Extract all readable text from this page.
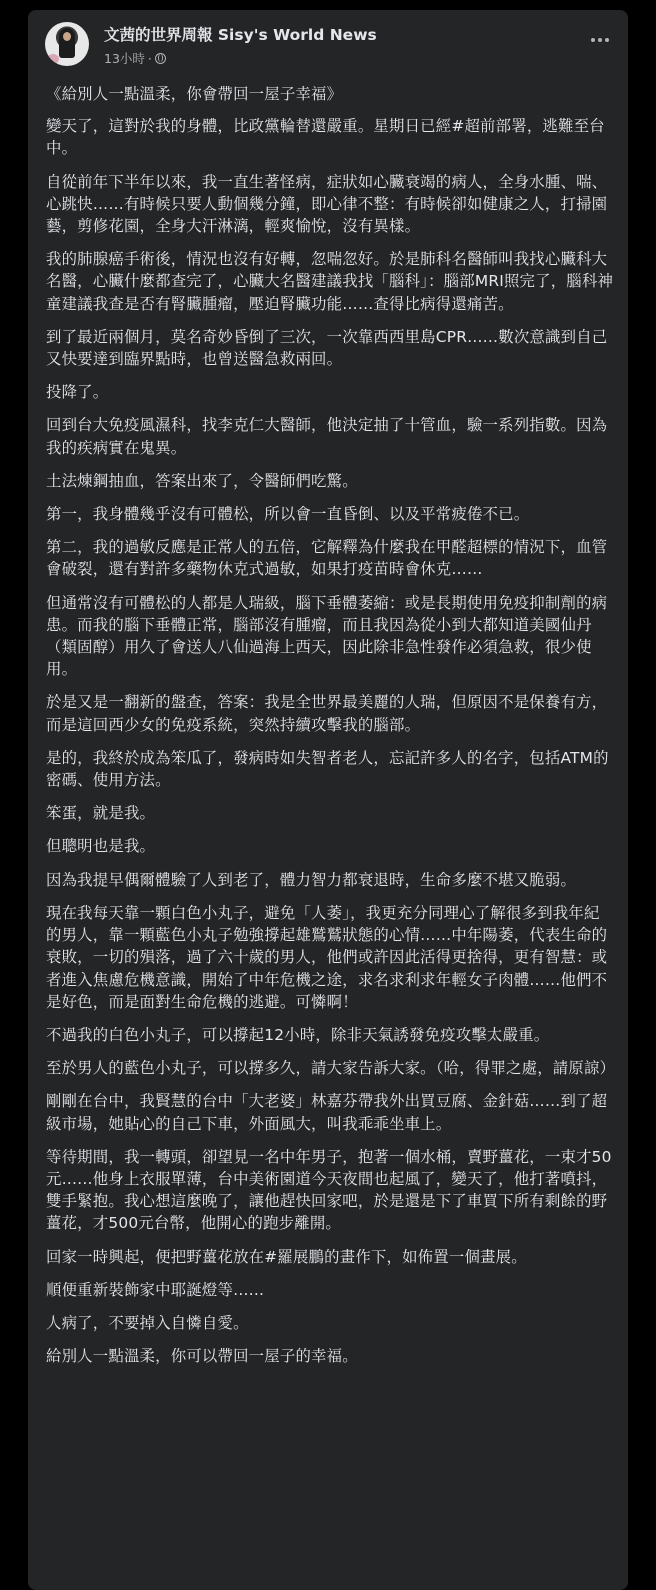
文茜的世界周報 Sisy's World News
13小時 ·

《給別人一點溫柔，你會帶回一屋子幸福》

變天了，這對於我的身體，比政黨輪替還嚴重。星期日已經#超前部署，逃難至台中。

自從前年下半年以來，我一直生著怪病，症狀如心臟衰竭的病人，全身水腫、喘、心跳快……有時候只要人動個幾分鐘，即心律不整：有時候卻如健康之人，打掃園藝，剪修花園，全身大汗淋漓，輕爽愉悅，沒有異樣。

我的肺腺癌手術後，情況也沒有好轉，忽喘忽好。於是肺科名醫師叫我找心臟科大名醫，心臟什麼都查完了，心臟大名醫建議我找「腦科」：腦部MRI照完了，腦科神童建議我查是否有腎臟腫瘤，壓迫腎臟功能……查得比病得還痛苦。

到了最近兩個月，莫名奇妙昏倒了三次，一次靠西西里島CPR……數次意識到自己又快要達到臨界點時，也曾送醫急救兩回。

投降了。

回到台大免疫風濕科，找李克仁大醫師，他決定抽了十管血，驗一系列指數。因為我的疾病實在鬼異。

土法煉鋼抽血，答案出來了，令醫師們吃驚。

第一，我身體幾乎沒有可體松，所以會一直昏倒、以及平常疲倦不已。

第二，我的過敏反應是正常人的五倍，它解釋為什麼我在甲醛超標的情況下，血管會破裂，還有對許多藥物休克式過敏，如果打疫苗時會休克……

但通常沒有可體松的人都是人瑞級，腦下垂體萎縮：或是長期使用免疫抑制劑的病患。而我的腦下垂體正常，腦部沒有腫瘤，而且我因為從小到大都知道美國仙丹（類固醇）用久了會送人八仙過海上西天，因此除非急性發作必須急救，很少使用。

於是又是一翻新的盤查，答案：我是全世界最美麗的人瑞，但原因不是保養有方，而是這回西少女的免疫系統，突然持續攻擊我的腦部。

是的，我終於成為笨瓜了，發病時如失智者老人，忘記許多人的名字，包括ATM的密碼、使用方法。

笨蛋，就是我。

但聰明也是我。

因為我提早偶爾體驗了人到老了，體力智力都衰退時，生命多麼不堪又脆弱。

現在我每天靠一顆白色小丸子，避免「人萎」，我更充分同理心了解很多到我年紀的男人，靠一顆藍色小丸子勉強撐起雄鷲鷲狀態的心情……中年陽萎，代表生命的衰敗，一切的殞落，過了六十歲的男人，他們或許因此活得更捨得，更有智慧：或者進入焦慮危機意識，開始了中年危機之途，求名求利求年輕女子肉體……他們不是好色，而是面對生命危機的逃避。可憐啊！

不過我的白色小丸子，可以撐起12小時，除非天氣誘發免疫攻擊太嚴重。

至於男人的藍色小丸子，可以撐多久，請大家告訴大家。（哈，得罪之處，請原諒）

剛剛在台中，我賢慧的台中「大老婆」林嘉芬帶我外出買豆腐、金針菇……到了超級市場，她貼心的自己下車，外面風大，叫我乖乖坐車上。

等待期間，我一轉頭，卻望見一名中年男子，抱著一個水桶，賣野薑花，一束才50元……他身上衣服單薄，台中美術園道今天夜間也起風了，變天了，他打著噴抖，雙手緊抱。我心想這麼晚了，讓他趕快回家吧，於是還是下了車買下所有剩餘的野薑花，才500元台幣，他開心的跑步離開。

回家一時興起，便把野薑花放在#羅展鵬的畫作下，如佈置一個畫展。

順便重新裝飾家中耶誕燈等……

人病了，不要掉入自憐自愛。

給別人一點溫柔，你可以帶回一屋子的幸福。
